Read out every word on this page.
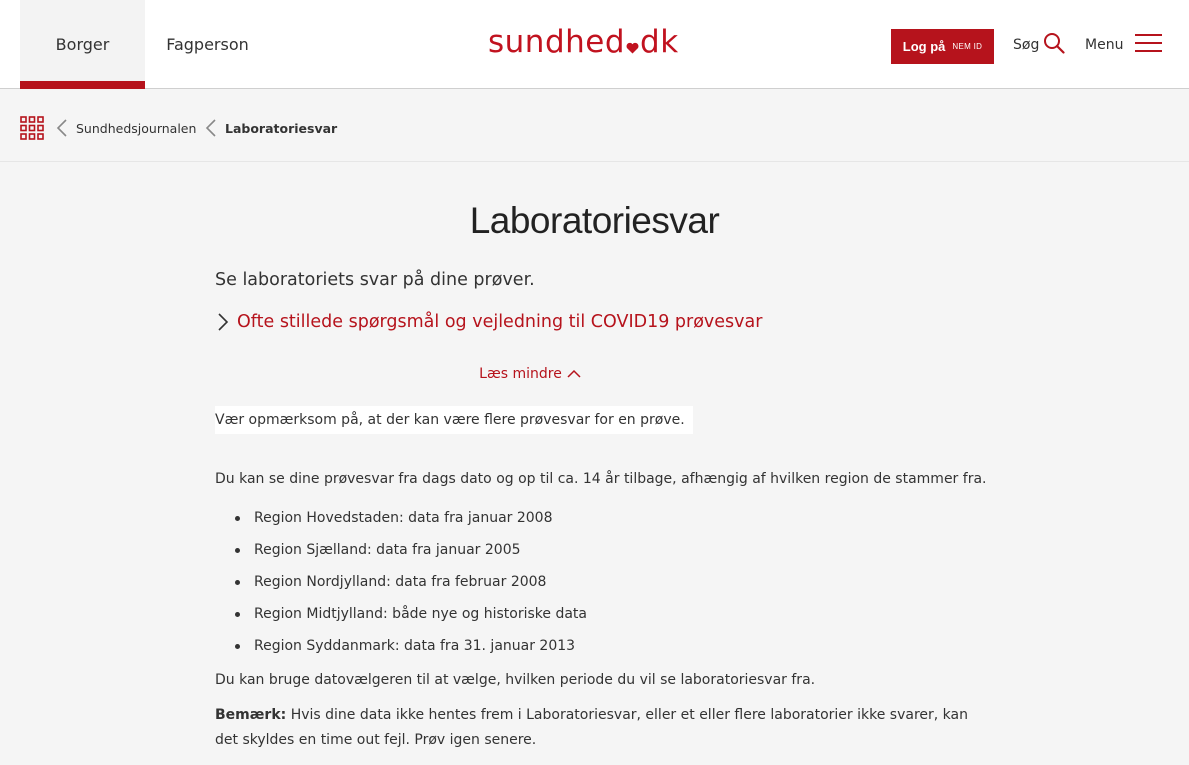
Borger	Fagperson	sundhed dk	Log på NEM ID Søg	Menu
Sundhedsjournalen Laboratoriesvar
Laboratoriesvar

Se laboratoriets svar på dine prøver.

Ofte stillede spørgsmål og vejledning til COVID19 prøvesvar
Læs mindre

Vær opmærksom på, at der kan være flere prøvesvar for en prøve.

Du kan se dine prøvesvar fra dags dato og op til ca. 14 år tilbage, afhængig af hvilken region de stammer fra.

Region Hovedstaden: data fra januar 2008
Region Sjælland: data fra januar 2005
Region Nordjylland: data fra februar 2008
Region Midtjylland: både nye og historiske data
Region Syddanmark: data fra 31. januar 2013

Du kan bruge datovælgeren til at vælge, hvilken periode du vil se laboratoriesvar fra.

Bemærk: Hvis dine data ikke hentes frem i Laboratoriesvar, eller et eller flere laboratorier ikke svarer, kan det skyldes en time out fejl. Prøv igen senere.
